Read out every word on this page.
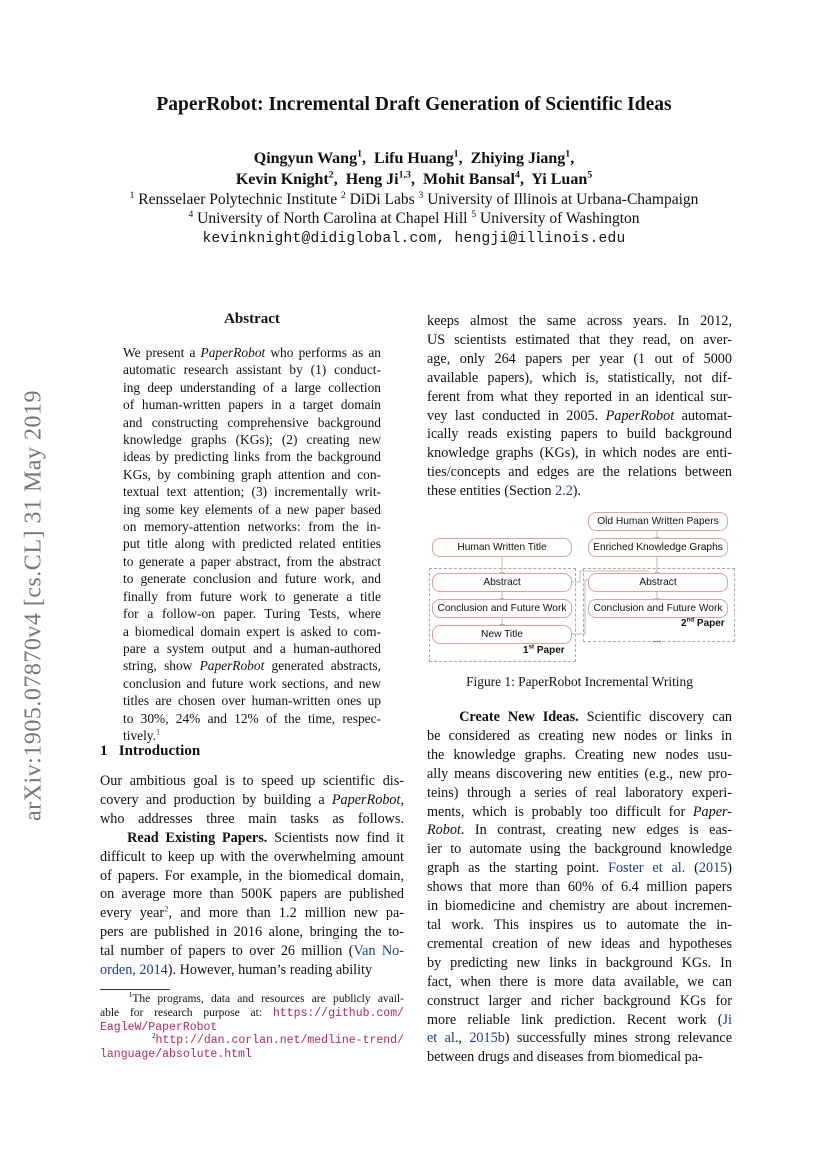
PaperRobot: Incremental Draft Generation of Scientific Ideas
Qingyun Wang$^1$,  Lifu Huang$^1$,  Zhiying Jiang$^1$,
Kevin Knight$^2$,  Heng Ji$^{1,3}$,  Mohit Bansal$^4$,  Yi Luan$^5$
$^1$ Rensselaer Polytechnic Institute $^2$ DiDi Labs $^3$ University of Illinois at Urbana-Champaign
$^4$ University of North Carolina at Chapel Hill $^5$ University of Washington
kevinknight@didiglobal.com, hengji@illinois.edu
arXiv:1905.07870v4 [cs.CL] 31 May 2019
Abstract
We present a PaperRobot who performs as an
automatic research assistant by (1) conduct-
ing deep understanding of a large collection
of human-written papers in a target domain
and constructing comprehensive background
knowledge graphs (KGs); (2) creating new
ideas by predicting links from the background
KGs, by combining graph attention and con-
textual text attention; (3) incrementally writ-
ing some key elements of a new paper based
on memory-attention networks: from the in-
put title along with predicted related entities
to generate a paper abstract, from the abstract
to generate conclusion and future work, and
finally from future work to generate a title
for a follow-on paper. Turing Tests, where
a biomedical domain expert is asked to com-
pare a system output and a human-authored
string, show PaperRobot generated abstracts,
conclusion and future work sections, and new
titles are chosen over human-written ones up
to 30%, 24% and 12% of the time, respec-
tively.$^1$
1   Introduction
Our ambitious goal is to speed up scientific dis-
covery and production by building a PaperRobot,
who addresses three main tasks as follows.
Read Existing Papers. Scientists now find it
difficult to keep up with the overwhelming amount
of papers. For example, in the biomedical domain,
on average more than 500K papers are published
every year$^2$, and more than 1.2 million new pa-
pers are published in 2016 alone, bringing the to-
tal number of papers to over 26 million (Van No-
orden, 2014). However, human’s reading ability
$^1$The programs, data and resources are publicly avail-
able for research purpose at: https://github.com/
EagleW/PaperRobot
$^2$http://dan.corlan.net/medline-trend/
language/absolute.html
keeps almost the same across years. In 2012,
US scientists estimated that they read, on aver-
age, only 264 papers per year (1 out of 5000
available papers), which is, statistically, not dif-
ferent from what they reported in an identical sur-
vey last conducted in 2005. PaperRobot automat-
ically reads existing papers to build background
knowledge graphs (KGs), in which nodes are enti-
ties/concepts and edges are the relations between
these entities (Section 2.2).
Old Human Written Papers
Human Written Title	Enriched Knowledge Graphs
Abstract	Abstract
Conclusion and Future Work	Conclusion and Future Work
New Title
1st Paper
2nd Paper
...
Figure 1: PaperRobot Incremental Writing
Create New Ideas. Scientific discovery can
be considered as creating new nodes or links in
the knowledge graphs. Creating new nodes usu-
ally means discovering new entities (e.g., new pro-
teins) through a series of real laboratory experi-
ments, which is probably too difficult for Paper-
Robot. In contrast, creating new edges is eas-
ier to automate using the background knowledge
graph as the starting point. Foster et al. (2015)
shows that more than 60% of 6.4 million papers
in biomedicine and chemistry are about incremen-
tal work. This inspires us to automate the in-
cremental creation of new ideas and hypotheses
by predicting new links in background KGs. In
fact, when there is more data available, we can
construct larger and richer background KGs for
more reliable link prediction. Recent work (Ji
et al., 2015b) successfully mines strong relevance
between drugs and diseases from biomedical pa-
